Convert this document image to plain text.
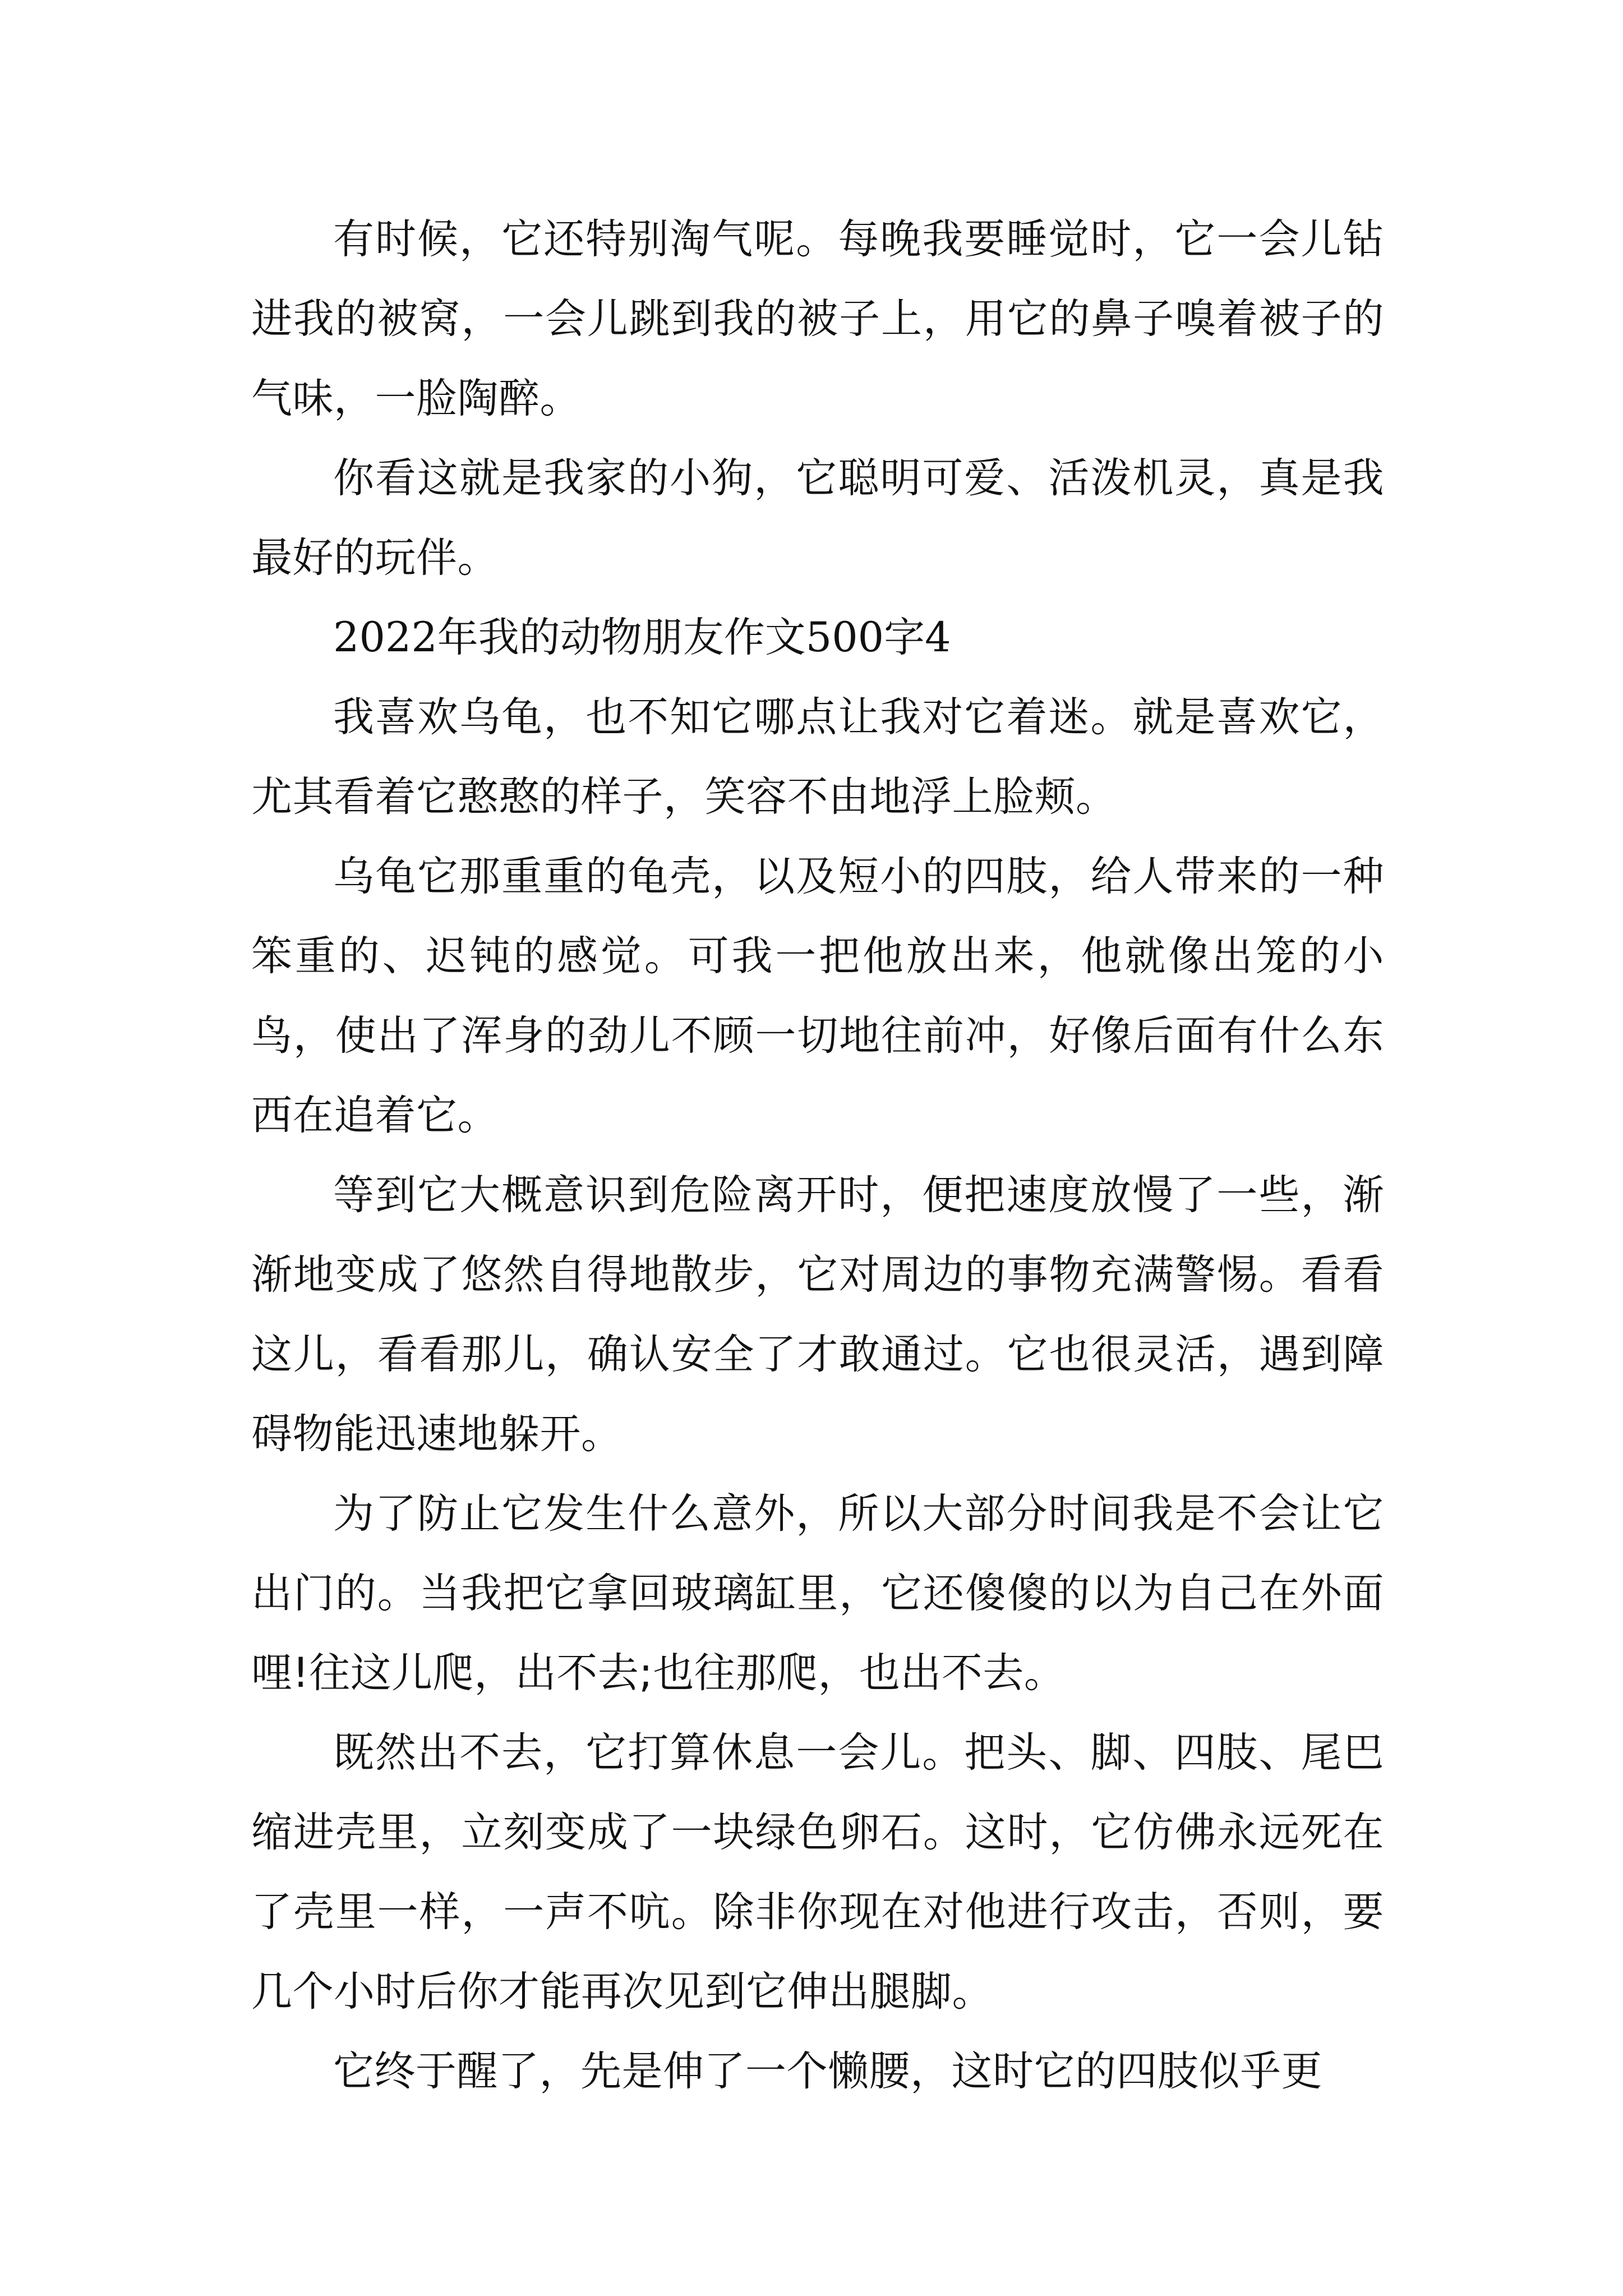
有时候，它还特别淘气呢。每晚我要睡觉时，它一会儿钻进我的被窝，一会儿跳到我的被子上，用它的鼻子嗅着被子的气味，一脸陶醉。

你看这就是我家的小狗，它聪明可爱、活泼机灵，真是我最好的玩伴。

2022年我的动物朋友作文500字4

我喜欢乌龟，也不知它哪点让我对它着迷。就是喜欢它，尤其看着它憨憨的样子，笑容不由地浮上脸颊。

乌龟它那重重的龟壳，以及短小的四肢，给人带来的一种笨重的、迟钝的感觉。可我一把他放出来，他就像出笼的小鸟，使出了浑身的劲儿不顾一切地往前冲，好像后面有什么东西在追着它。

等到它大概意识到危险离开时，便把速度放慢了一些，渐渐地变成了悠然自得地散步，它对周边的事物充满警惕。看看这儿，看看那儿，确认安全了才敢通过。它也很灵活，遇到障碍物能迅速地躲开。

为了防止它发生什么意外，所以大部分时间我是不会让它出门的。当我把它拿回玻璃缸里，它还傻傻的以为自己在外面哩!往这儿爬，出不去;也往那爬，也出不去。

既然出不去，它打算休息一会儿。把头、脚、四肢、尾巴缩进壳里，立刻变成了一块绿色卵石。这时，它仿佛永远死在了壳里一样，一声不吭。除非你现在对他进行攻击，否则，要几个小时后你才能再次见到它伸出腿脚。

它终于醒了，先是伸了一个懒腰，这时它的四肢似乎更
